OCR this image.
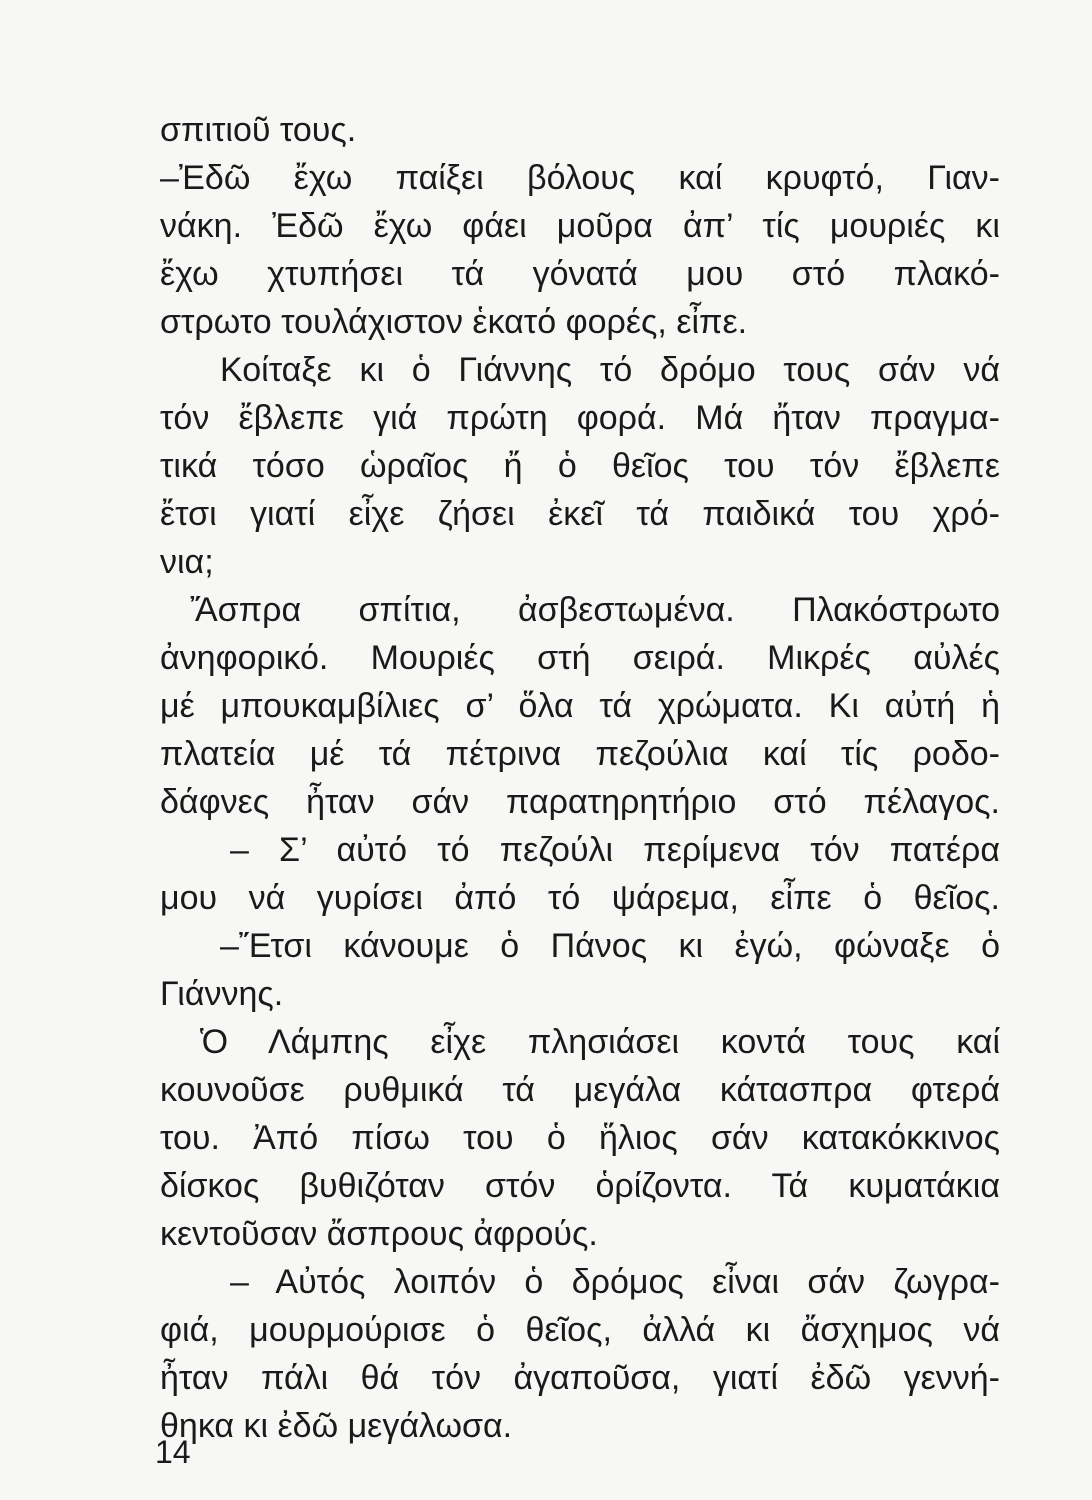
σπιτιοῦ τους.
–Ἐδῶ ἔχω παίξει βόλους καί κρυφτό, Γιαν-
νάκη. Ἐδῶ ἔχω φάει μοῦρα ἀπ’ τίς μουριές κι
ἔχω χτυπήσει τά γόνατά μου στό πλακό-
στρωτο τουλάχιστον ἑκατό φορές, εἶπε.
Κοίταξε κι ὁ Γιάννης τό δρόμο τους σάν νά
τόν ἔβλεπε γιά πρώτη φορά. Μά ἤταν πραγμα-
τικά τόσο ὡραῖος ἤ ὁ θεῖος του τόν ἔβλεπε
ἔτσι γιατί εἶχε ζήσει ἐκεῖ τά παιδικά του χρό-
νια;
Ἄσπρα σπίτια, ἀσβεστωμένα. Πλακόστρωτο
ἀνηφορικό. Μουριές στή σειρά. Μικρές αὐλές
μέ μπουκαμβίλιες σ’ ὅλα τά χρώματα. Κι αὐτή ἡ
πλατεία μέ τά πέτρινα πεζούλια καί τίς ροδο-
δάφνες ἦταν σάν παρατηρητήριο στό πέλαγος.
– Σ’ αὐτό τό πεζούλι περίμενα τόν πατέρα
μου νά γυρίσει ἀπό τό ψάρεμα, εἶπε ὁ θεῖος.
–Ἔτσι κάνουμε ὁ Πάνος κι ἐγώ, φώναξε ὁ
Γιάννης.
Ὁ Λάμπης εἶχε πλησιάσει κοντά τους καί
κουνοῦσε ρυθμικά τά μεγάλα κάτασπρα φτερά
του. Ἀπό πίσω του ὁ ἥλιος σάν κατακόκκινος
δίσκος βυθιζόταν στόν ὁρίζοντα. Τά κυματάκια
κεντοῦσαν ἄσπρους ἀφρούς.
– Αὐτός λοιπόν ὁ δρόμος εἶναι σάν ζωγρα-
φιά, μουρμούρισε ὁ θεῖος, ἀλλά κι ἄσχημος νά
ἦταν πάλι θά τόν ἀγαποῦσα, γιατί ἐδῶ γεννή-
θηκα κι ἐδῶ μεγάλωσα.
14
